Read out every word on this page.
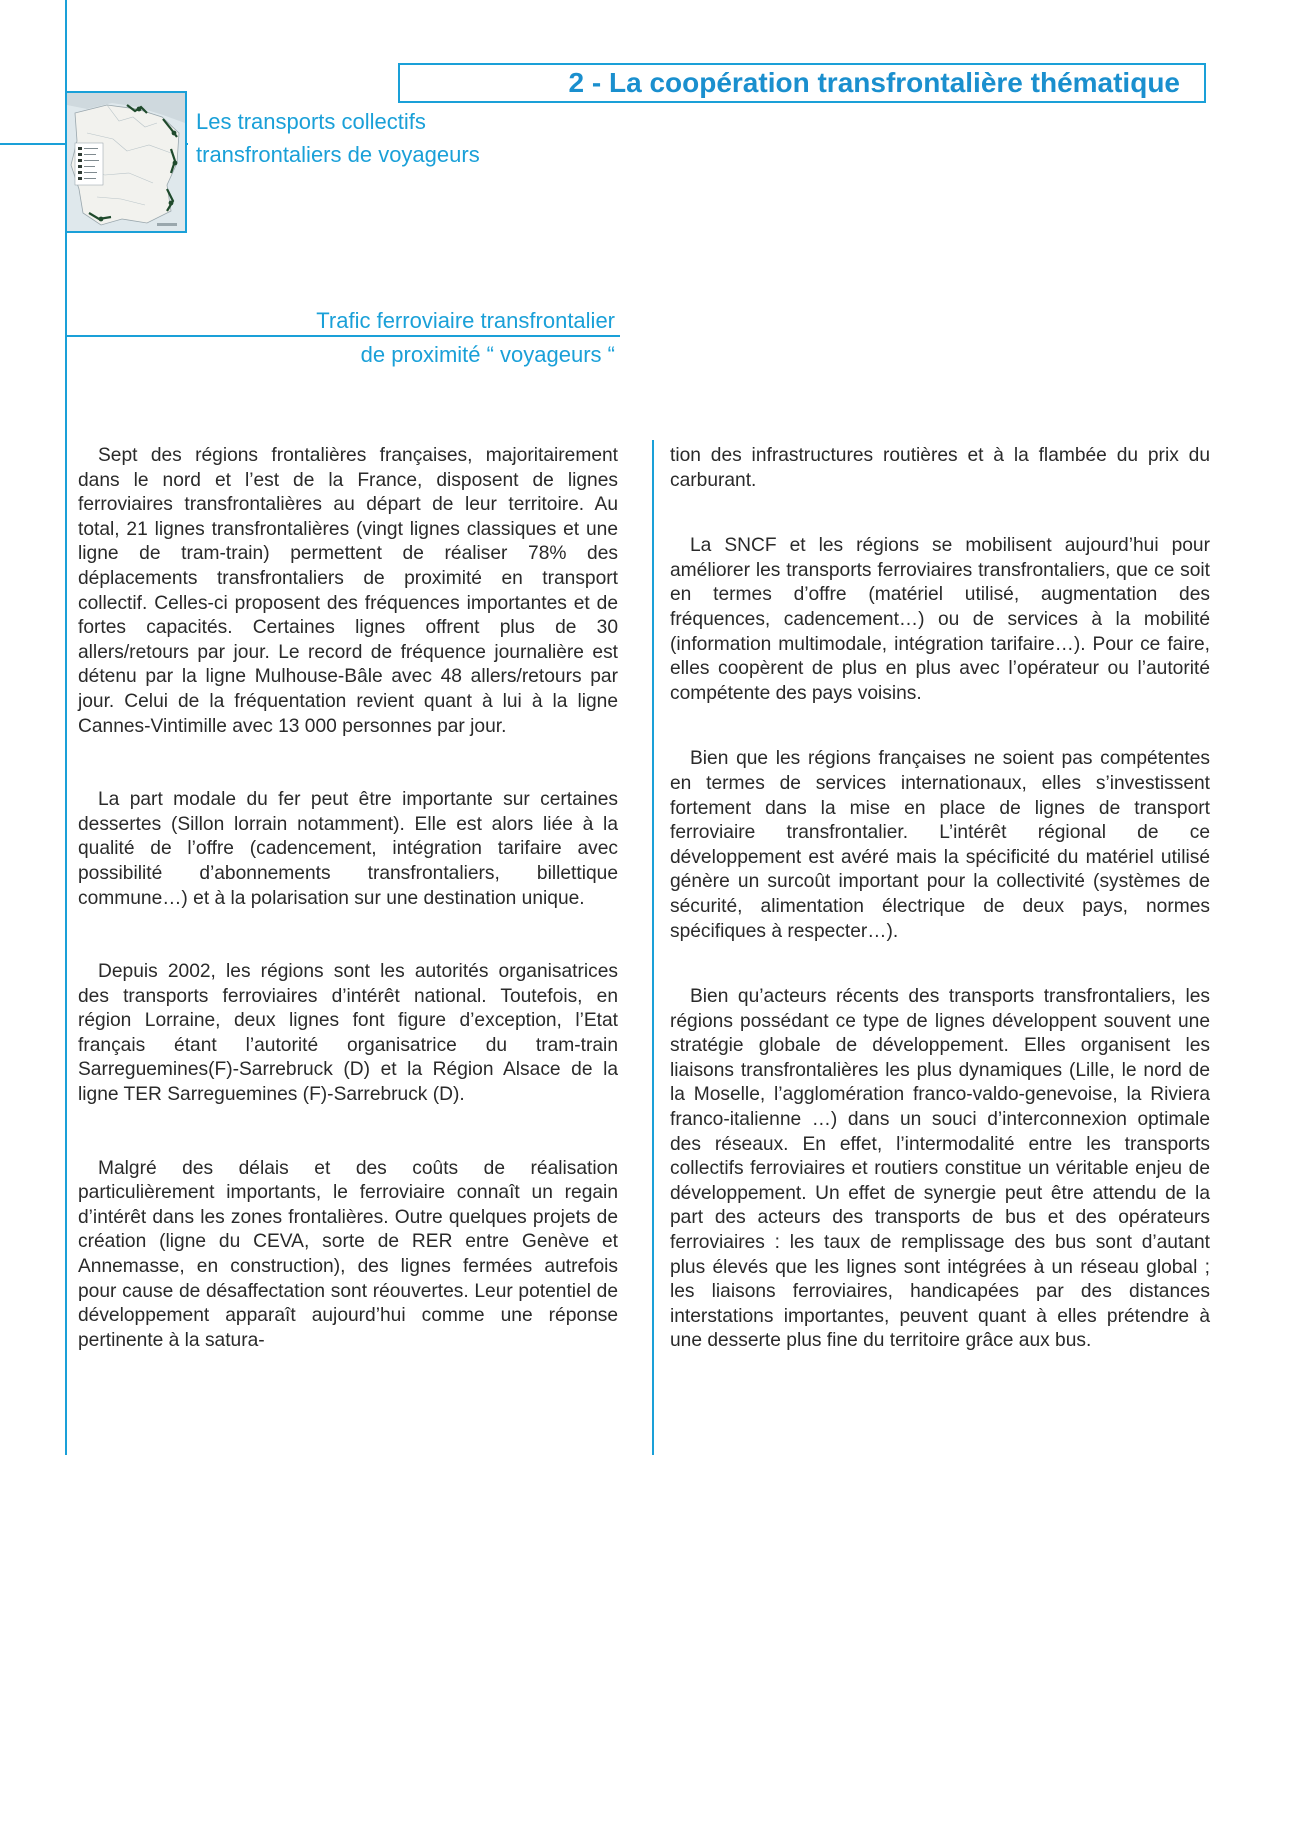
2 - La coopération transfrontalière thématique
Les transports collectifs
transfrontaliers de voyageurs
Trafic ferroviaire transfrontalier
de proximité “ voyageurs “

Sept des régions frontalières françaises, majoritairement dans le nord et l’est de la France, disposent de lignes ferroviaires transfrontalières au départ de leur territoire. Au total, 21 lignes transfrontalières (vingt lignes classiques et une ligne de tram-train) permettent de réaliser 78% des déplacements transfrontaliers de proximité en transport collectif. Celles-ci proposent des fréquences importantes et de fortes capacités. Certaines lignes offrent plus de 30 allers/retours par jour. Le record de fréquence journalière est détenu par la ligne Mulhouse-Bâle avec 48 allers/retours par jour. Celui de la fréquentation revient quant à lui à la ligne Cannes-Vintimille avec 13 000 personnes par jour.

La part modale du fer peut être importante sur certaines dessertes (Sillon lorrain notamment). Elle est alors liée à la qualité de l’offre (cadencement, intégration tarifaire avec possibilité d’abonnements transfrontaliers, billettique commune…) et à la polarisation sur une destination unique.

Depuis 2002, les régions sont les autorités organisatrices des transports ferroviaires d’intérêt national. Toutefois, en région Lorraine, deux lignes font figure d’exception, l’Etat français étant l’autorité organisatrice du tram-train Sarreguemines(F)-Sarrebruck (D) et la Région Alsace de la ligne TER Sarreguemines (F)-Sarrebruck (D).

Malgré des délais et des coûts de réalisation particulièrement importants, le ferroviaire connaît un regain d’intérêt dans les zones frontalières. Outre quelques projets de création (ligne du CEVA, sorte de RER entre Genève et Annemasse, en construction), des lignes fermées autrefois pour cause de désaffectation sont réouvertes. Leur potentiel de développement apparaît aujourd’hui comme une réponse pertinente à la satura-

tion des infrastructures routières et à la flambée du prix du carburant.

La SNCF et les régions se mobilisent aujourd’hui pour améliorer les transports ferroviaires transfrontaliers, que ce soit en termes d’offre (matériel utilisé, augmentation des fréquences, cadencement…) ou de services à la mobilité (information multimodale, intégration tarifaire…). Pour ce faire, elles coopèrent de plus en plus avec l’opérateur ou l’autorité compétente des pays voisins.

Bien que les régions françaises ne soient pas compétentes en termes de services internationaux, elles s’investissent fortement dans la mise en place de lignes de transport ferroviaire transfrontalier. L’intérêt régional de ce développement est avéré mais la spécificité du matériel utilisé génère un surcoût important pour la collectivité (systèmes de sécurité, alimentation électrique de deux pays, normes spécifiques à respecter…).

Bien qu’acteurs récents des transports transfrontaliers, les régions possédant ce type de lignes développent souvent une stratégie globale de développement. Elles organisent les liaisons transfrontalières les plus dynamiques (Lille, le nord de la Moselle, l’agglomération franco-valdo-genevoise, la Riviera franco-italienne …) dans un souci d’interconnexion optimale des réseaux. En effet, l’intermodalité entre les transports collectifs ferroviaires et routiers constitue un véritable enjeu de développement. Un effet de synergie peut être attendu de la part des acteurs des transports de bus et des opérateurs ferroviaires : les taux de remplissage des bus sont d’autant plus élevés que les lignes sont intégrées à un réseau global ; les liaisons ferroviaires, handicapées par des distances interstations importantes, peuvent quant à elles prétendre à une desserte plus fine du territoire grâce aux bus.
